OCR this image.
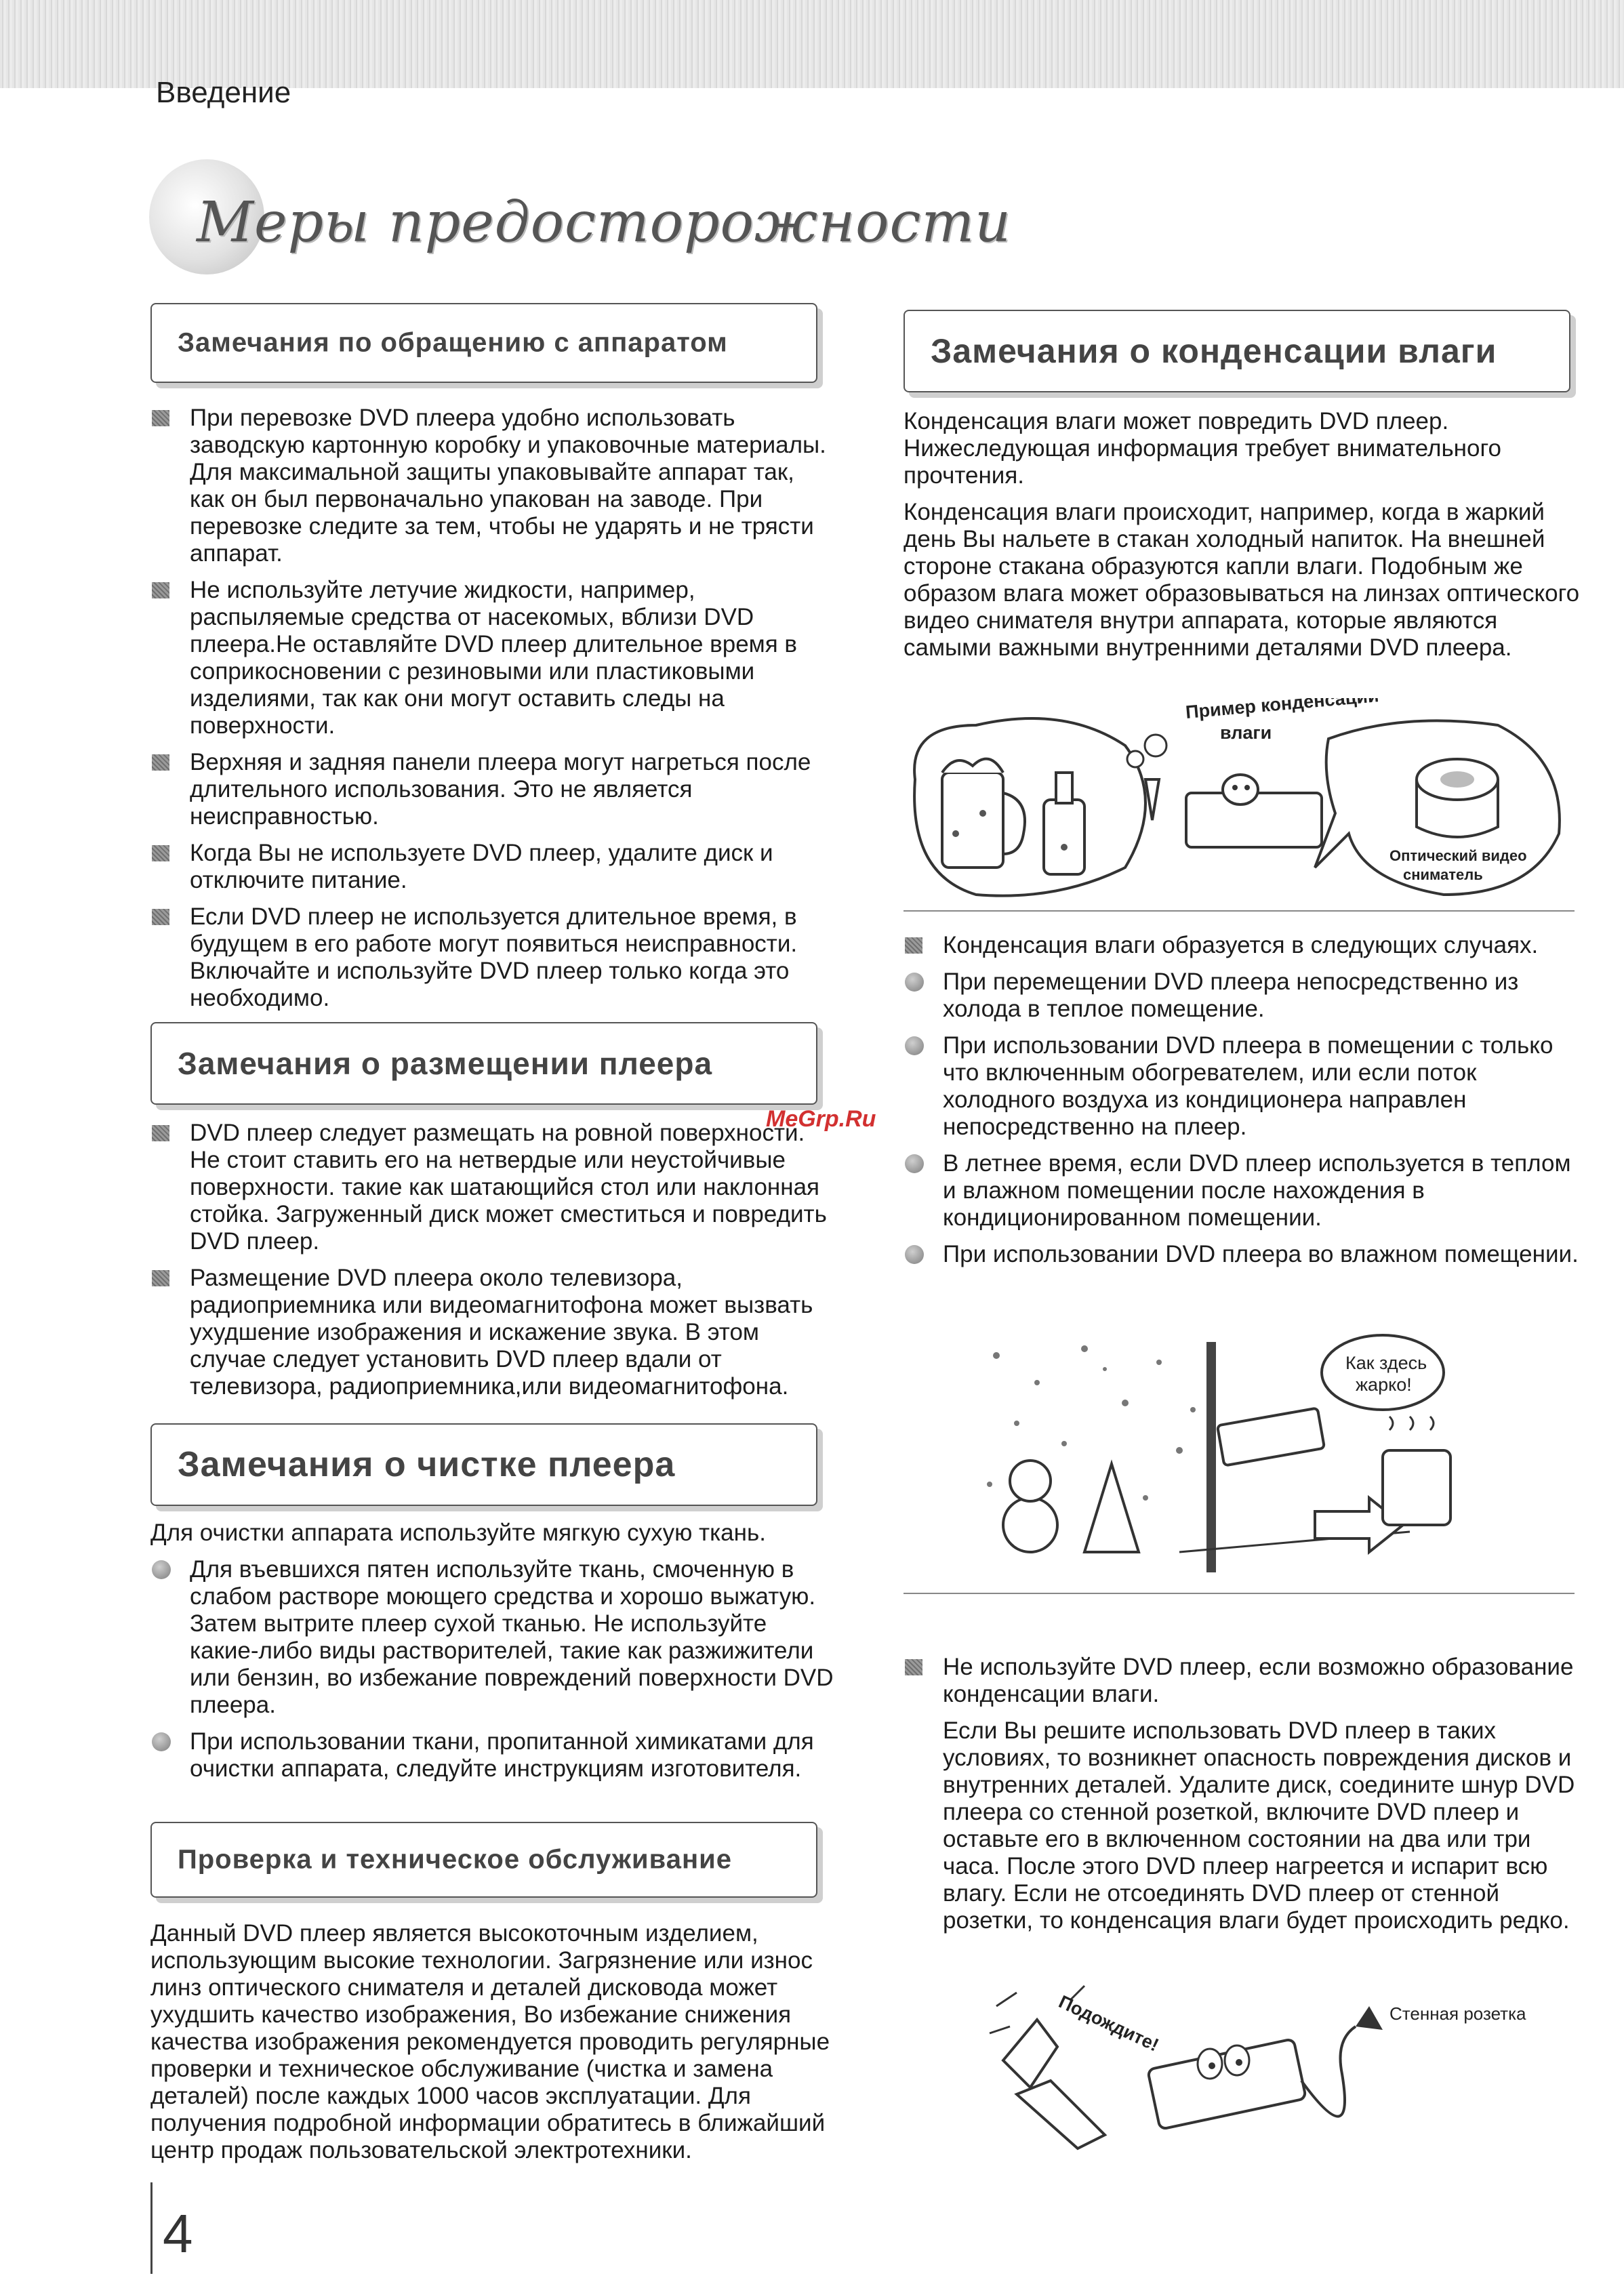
Введение
Меры предосторожности
Замечания по обращению с аппаратом
При перевозке DVD плеера удобно использовать заводскую картонную коробку и упаковочные материалы. Для максимальной защиты упаковывайте аппарат так, как он был первоначально упакован на заводе. При перевозке следите за тем, чтобы не ударять и не трясти аппарат.
Не используйте летучие жидкости, например, распыляемые средства от насекомых, вблизи DVD плеера.Не оставляйте DVD плеер длительное время в соприкосновении с резиновыми или пластиковыми изделиями, так как они могут оставить следы на поверхности.
Верхняя и задняя панели плеера могут нагреться после длительного использования. Это не является неисправностью.
Когда Вы не используете DVD плеер, удалите диск и отключите питание.
Если DVD плеер не используется длительное время, в будущем в его работе могут появиться неисправности. Включайте и используйте DVD плеер только когда это необходимо.
Замечания о размещении плеера
DVD плеер следует размещать на ровной поверхности. Не стоит ставить его на нетвердые или неустойчивые поверхности. такие как шатающийся стол или наклонная стойка. Загруженный диск может сместиться и повредить DVD плеер.
Размещение DVD плеера около телевизора, радиоприемника или видеомагнитофона может вызвать ухудшение изображения и искажение звука. В этом случае следует установить DVD плеер вдали от телевизора, радиоприемника,или видеомагнитофона.
Замечания о чистке плеера

Для очистки аппарата используйте мягкую сухую ткань.

Для въевшихся пятен используйте ткань, смоченную в слабом растворе моющего средства и хорошо выжатую. Затем вытрите плеер сухой тканью. Не используйте какие-либо виды растворителей, такие как разжижители или бензин, во избежание повреждений поверхности DVD плеера.
При использовании ткани, пропитанной химикатами для очистки аппарата, следуйте инструкциям изготовителя.
Проверка и техническое обслуживание

Данный DVD плеер является высокоточным изделием, использующим высокие технологии. Загрязнение или износ линз оптического снимателя и деталей дисковода может ухудшить качество изображения, Во избежание снижения качества изображения рекомендуется проводить регулярные проверки и техническое обслуживание (чистка и замена деталей) после каждых 1000 часов эксплуатации. Для получения подробной информации обратитесь в ближайший центр продаж пользовательской электротехники.

Замечания о конденсации влаги

Конденсация влаги может повредить DVD плеер. Нижеследующая информация требует внимательного прочтения.

Конденсация влаги происходит, например, когда в жаркий день Вы нальете в стакан холодный напиток. На внешней стороне стакана образуются капли влаги. Подобным же образом влага может образовываться на линзах оптического видео снимателя внутри аппарата, которые являются самыми важными внутренними деталями DVD плеера.

Пример конденсации
влаги
Оптический видео
сниматель
Конденсация влаги образуется в следующих случаях.
При перемещении DVD плеера непосредственно из холода в теплое помещение.
При использовании DVD плеера в помещении с только что включенным обогревателем, или если поток холодного воздуха из кондиционера направлен непосредственно на плеер.
В летнее время, если DVD плеер используется в теплом и влажном помещении после нахождения в кондиционированном помещении.
При использовании DVD плеера во влажном помещении.
Как здесь
жарко!
Не используйте DVD плеер, если возможно образование конденсации влаги.
Если Вы решите использовать DVD плеер в таких условиях, то возникнет опасность повреждения дисков и внутренних деталей. Удалите диск, соедините шнур DVD плеера со стенной розеткой, включите DVD плеер и оставьте его в включенном состоянии на два или три часа. После этого DVD плеер нагреется и испарит всю влагу. Если не отсоединять DVD плеер от стенной розетки, то конденсация влаги будет происходить редко.
Подождите!	Стенная розетка
MeGrp.Ru
4
